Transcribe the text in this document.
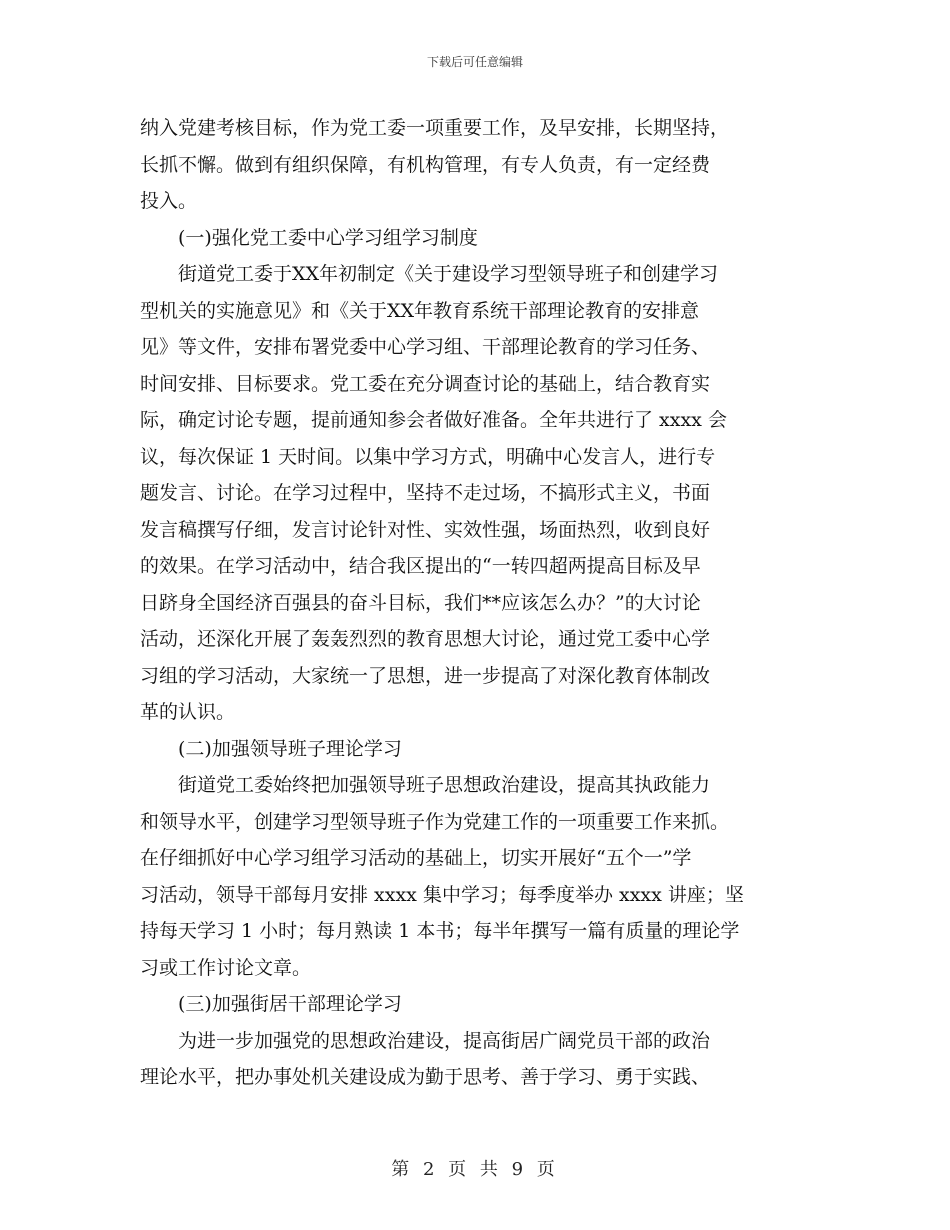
下载后可任意编辑
纳入党建考核目标，作为党工委一项重要工作，及早安排，长期坚持，
长抓不懈。做到有组织保障，有机构管理，有专人负责，有一定经费
投入。
(一)强化党工委中心学习组学习制度
街道党工委于XX年初制定《关于建设学习型领导班子和创建学习
型机关的实施意见》和《关于XX年教育系统干部理论教育的安排意
见》等文件，安排布署党委中心学习组、干部理论教育的学习任务、
时间安排、目标要求。党工委在充分调查讨论的基础上，结合教育实
际，确定讨论专题，提前通知参会者做好准备。全年共进行了 xxxx 会
议，每次保证 1 天时间。以集中学习方式，明确中心发言人，进行专
题发言、讨论。在学习过程中，坚持不走过场，不搞形式主义，书面
发言稿撰写仔细，发言讨论针对性、实效性强，场面热烈，收到良好
的效果。在学习活动中，结合我区提出的“一转四超两提高目标及早
日跻身全国经济百强县的奋斗目标，我们**应该怎么办？”的大讨论
活动，还深化开展了轰轰烈烈的教育思想大讨论，通过党工委中心学
习组的学习活动，大家统一了思想，进一步提高了对深化教育体制改
革的认识。
(二)加强领导班子理论学习
街道党工委始终把加强领导班子思想政治建设，提高其执政能力
和领导水平，创建学习型领导班子作为党建工作的一项重要工作来抓。
在仔细抓好中心学习组学习活动的基础上，切实开展好“五个一”学
习活动，领导干部每月安排 xxxx 集中学习；每季度举办 xxxx 讲座；坚
持每天学习 1 小时；每月熟读 1 本书；每半年撰写一篇有质量的理论学
习或工作讨论文章。
(三)加强街居干部理论学习
为进一步加强党的思想政治建设，提高街居广阔党员干部的政治
理论水平，把办事处机关建设成为勤于思考、善于学习、勇于实践、
第 2 页 共 9 页
